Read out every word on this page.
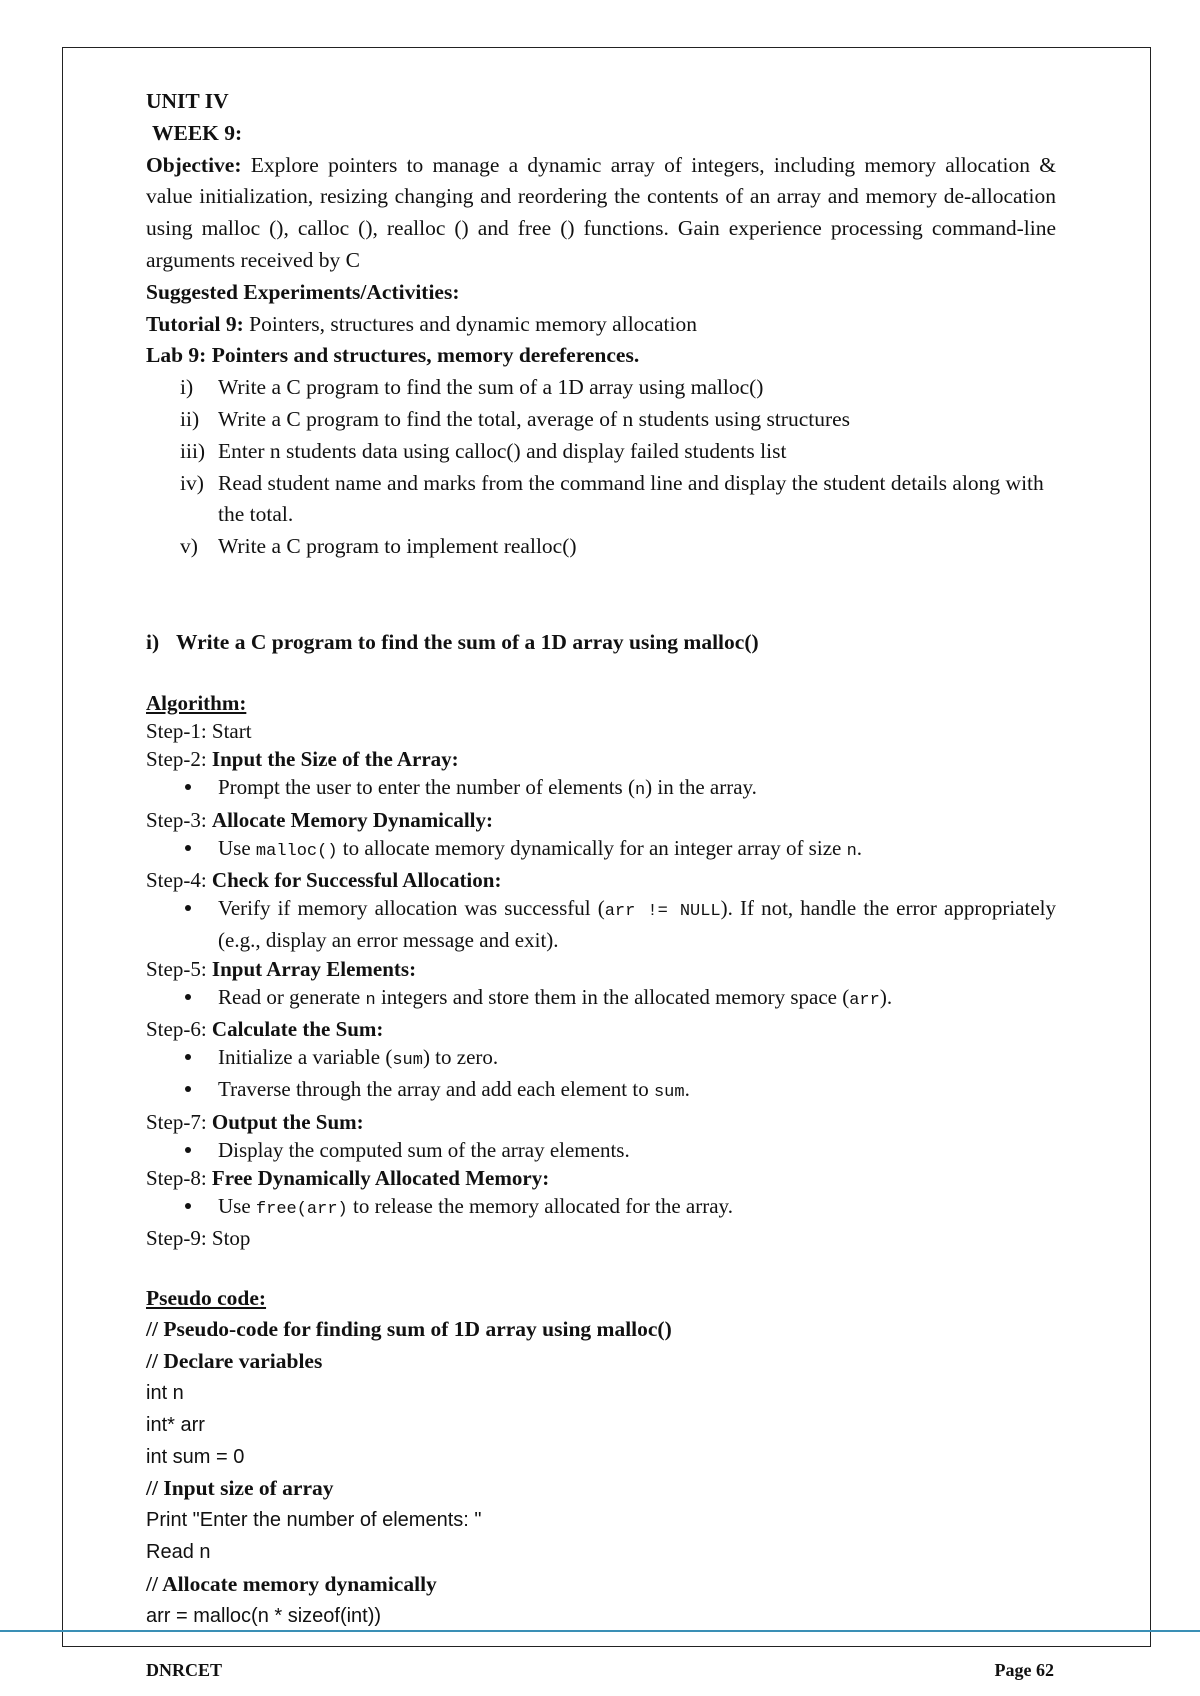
UNIT IV

WEEK 9:

Objective: Explore pointers to manage a dynamic array of integers, including memory allocation & value initialization, resizing changing and reordering the contents of an array and memory de-allocation using malloc (), calloc (), realloc () and free () functions. Gain experience processing command-line arguments received by C

Suggested Experiments/Activities:

Tutorial 9: Pointers, structures and dynamic memory allocation

Lab 9: Pointers and structures, memory dereferences.

i) Write a C program to find the sum of a 1D array using malloc()
ii) Write a C program to find the total, average of n students using structures
iii) Enter n students data using calloc() and display failed students list
iv) Read student name and marks from the command line and display the student details along with the total.
v) Write a C program to implement realloc()

i) Write a C program to find the sum of a 1D array using malloc()

Algorithm:

Step-1: Start

Step-2: Input the Size of the Array:

Prompt the user to enter the number of elements (n) in the array.

Step-3: Allocate Memory Dynamically:

Use malloc() to allocate memory dynamically for an integer array of size n.

Step-4: Check for Successful Allocation:

Verify if memory allocation was successful (arr != NULL). If not, handle the error appropriately (e.g., display an error message and exit).

Step-5: Input Array Elements:

Read or generate n integers and store them in the allocated memory space (arr).

Step-6: Calculate the Sum:

Initialize a variable (sum) to zero.
Traverse through the array and add each element to sum.

Step-7: Output the Sum:

Display the computed sum of the array elements.

Step-8: Free Dynamically Allocated Memory:

Use free(arr) to release the memory allocated for the array.

Step-9: Stop

Pseudo code:

// Pseudo-code for finding sum of 1D array using malloc()

// Declare variables

int n

int* arr

int sum = 0

// Input size of array

Print "Enter the number of elements: "

Read n

// Allocate memory dynamically

arr = malloc(n * sizeof(int))

DNRCET	Page 62
